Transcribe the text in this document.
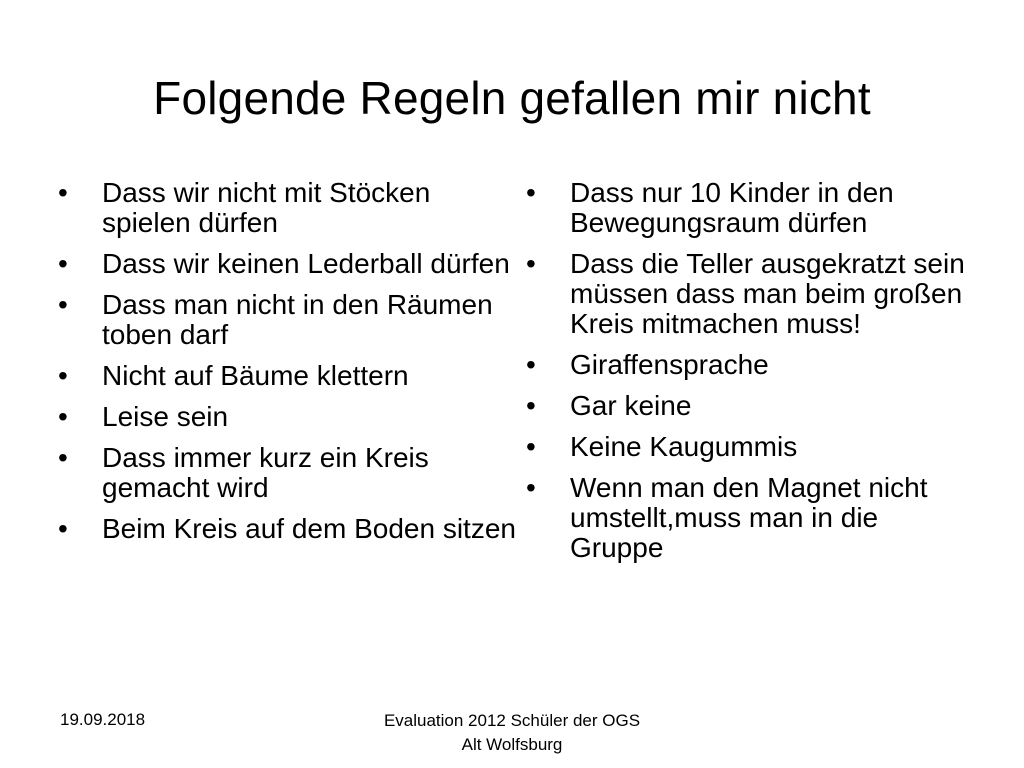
Folgende Regeln gefallen mir nicht
•	Dass wir nicht mit Stöcken spielen dürfen
•	Dass wir keinen Lederball dürfen
•	Dass man nicht in den Räumen toben darf
•	Nicht auf Bäume klettern
•	Leise sein
•	Dass immer kurz ein Kreis gemacht wird
•	Beim Kreis auf dem Boden sitzen
•	Dass nur 10 Kinder in den Bewegungsraum dürfen
•	Dass die Teller ausgekratzt sein müssen dass man beim großen Kreis mitmachen muss!
•	Giraffensprache
•	Gar keine
•	Keine Kaugummis
•	Wenn man den Magnet nicht umstellt,muss man in die Gruppe
19.09.2018	Evaluation 2012 Schüler der OGS
Alt Wolfsburg
